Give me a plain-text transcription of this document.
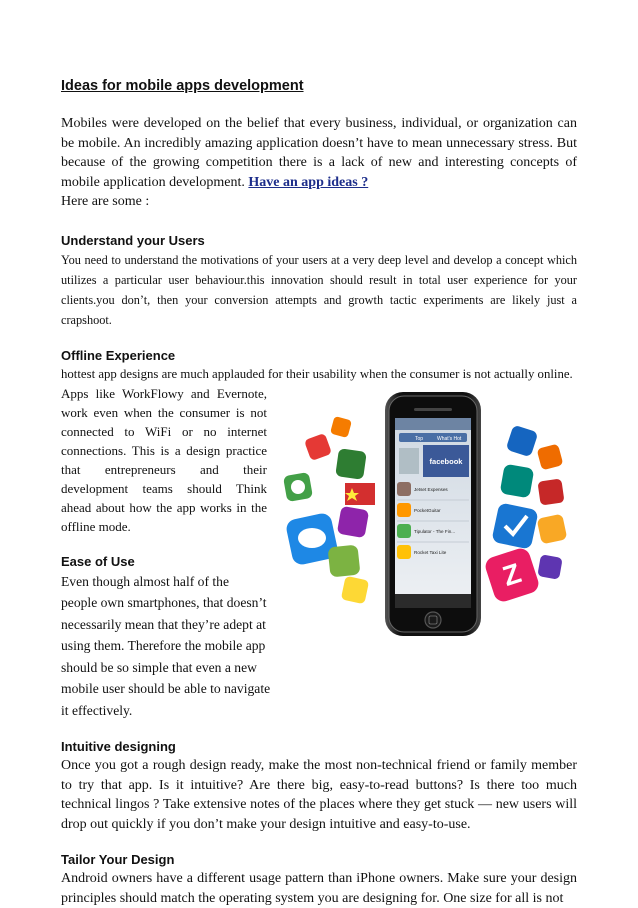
Ideas for mobile apps development

Mobiles were developed on the belief that every business, individual, or organization can be mobile. An incredibly amazing application doesn’t have to mean unnecessary stress. But because of the growing competition there is a lack of new and interesting concepts of mobile application development. Have an app ideas ?

Here are some :

Understand your Users

You need to understand the motivations of your users at a very deep level and develop a concept which utilizes a particular user behaviour.this innovation should result in total user experience for your clients.you don’t, then your conversion attempts and growth tactic experiments are likely just a crapshoot.

Offline Experience

hottest app designs are much applauded for their usability when the consumer is not actually online.

Z
Top	What's Hot
facebook
Jetset Expenses
PocketGuitar
Tipulator - The Fin...
Rocket Taxi Lite

Apps like WorkFlowy and Evernote, work even when the consumer is not connected to WiFi or no internet connections. This is a design practice that entrepreneurs and their development teams should Think ahead about how the app works in the offline mode.

Ease of Use

Even though almost half of the people own smartphones, that doesn’t necessarily mean that they’re adept at using them. Therefore the mobile app should be so simple that even a new mobile user should be able to navigate it effectively.

Intuitive designing

Once you got a rough design ready, make the most non-technical friend or family member to try that app. Is it intuitive? Are there big, easy-to-read buttons? Is there too much technical lingos ? Take extensive notes of the places where they get stuck — new users will drop out quickly if you don’t make your design intuitive and easy-to-use.

Tailor Your Design

Android owners have a different usage pattern than iPhone owners. Make sure your design principles should match the operating system you are designing for. One size for all is not
